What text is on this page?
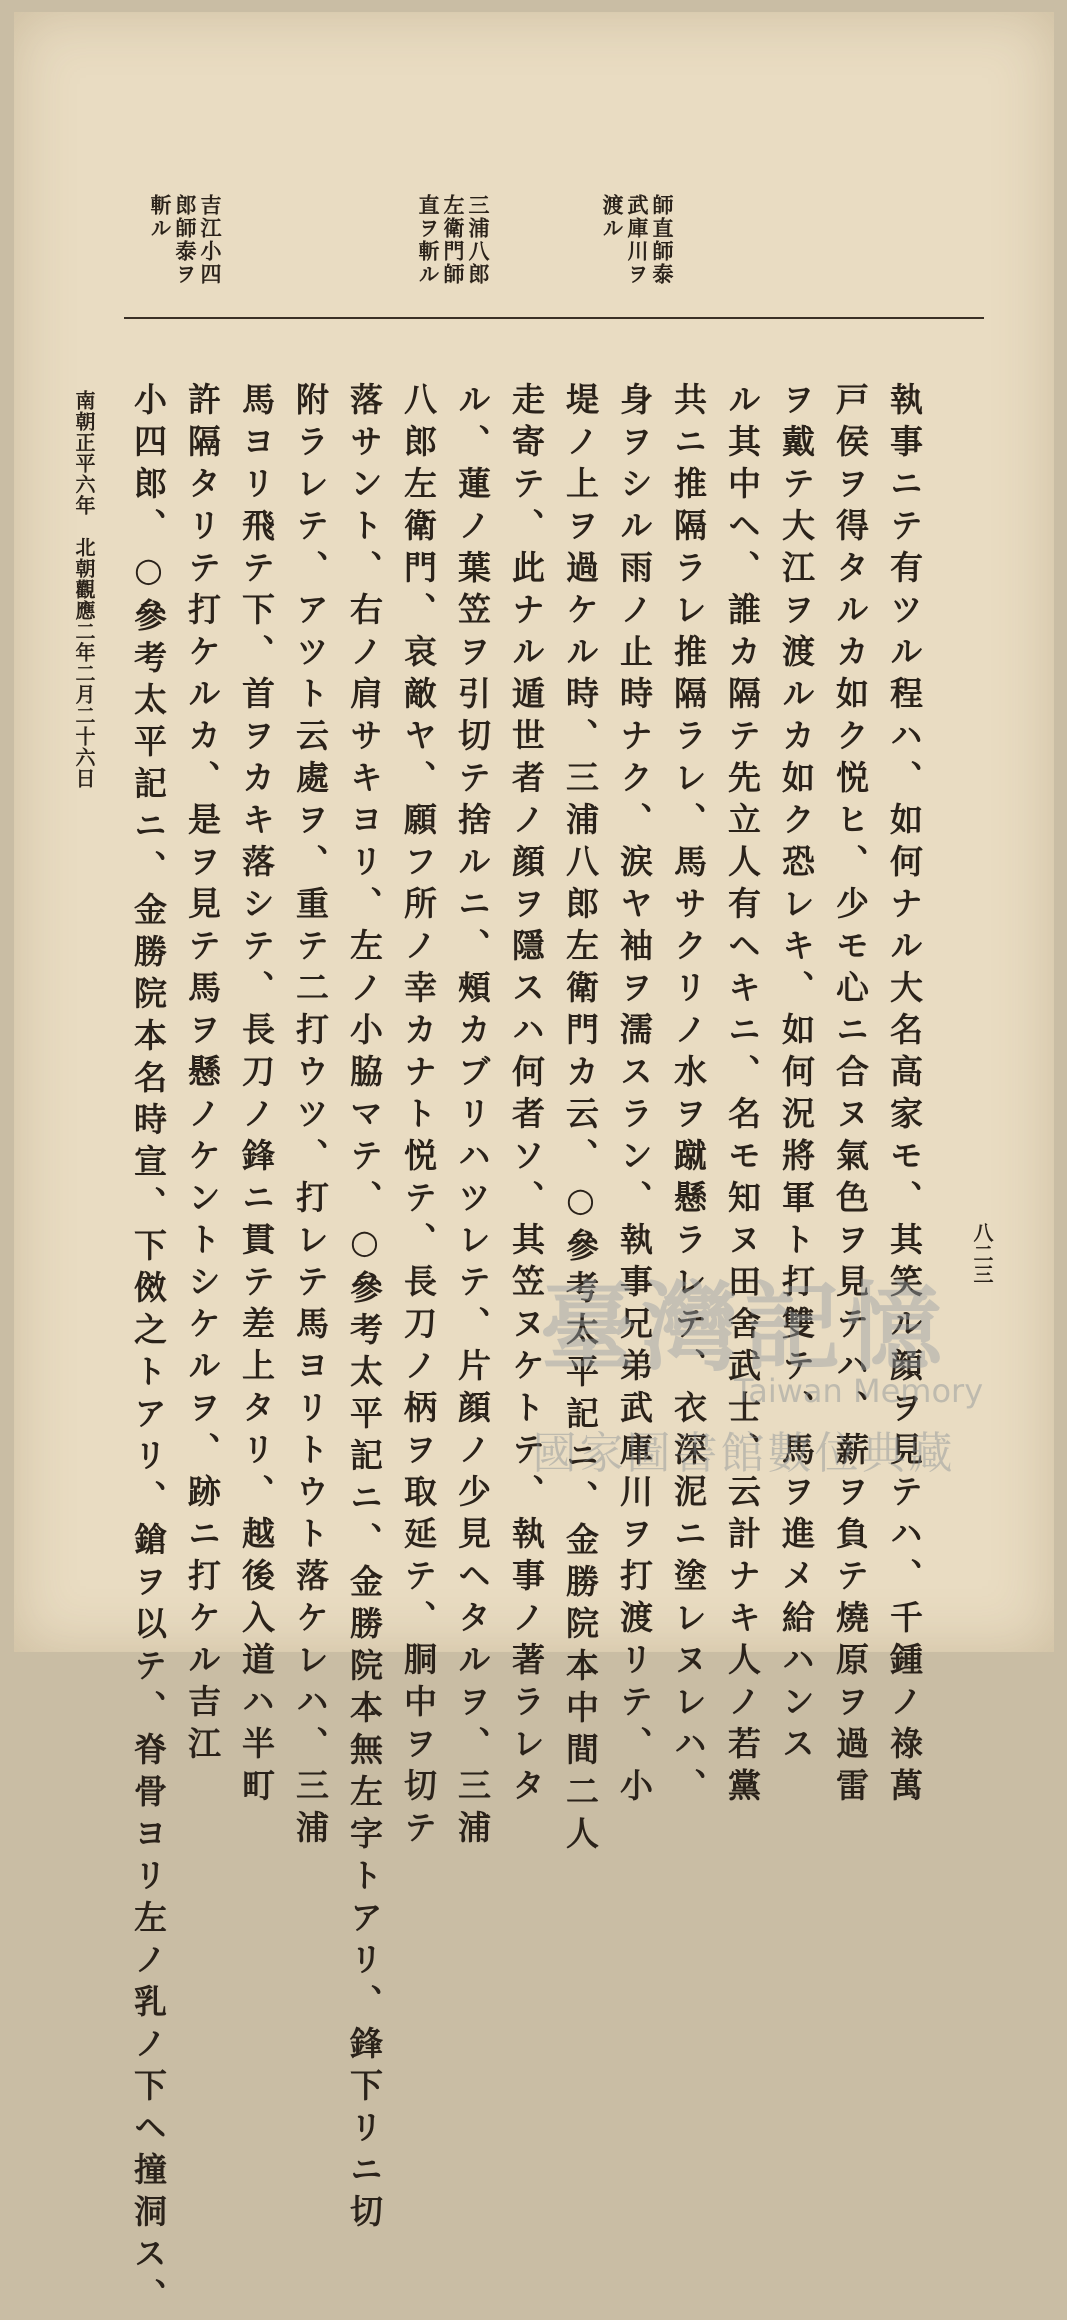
師直師泰
武庫川ヲ
渡ル
三浦八郎
左衛門師
直ヲ斬ル
吉江小四
郎師泰ヲ
斬ル
執事ニテ有ツル程ハ、如何ナル大名高家モ、其笑ル顔ヲ見テハ、千鍾ノ祿萬
戸侯ヲ得タルカ如ク悦ヒ、少モ心ニ合ヌ氣色ヲ見テハ、薪ヲ負テ燒原ヲ過雷
ヲ戴テ大江ヲ渡ルカ如ク恐レキ、如何況將軍ト打雙テ、馬ヲ進メ給ハンス
ル其中ヘ、誰カ隔テ先立人有ヘキニ、名モ知ヌ田舍武士、云計ナキ人ノ若黨
共ニ推隔ラレ推隔ラレ、馬サクリノ水ヲ蹴懸ラレテ、衣深泥ニ塗レヌレハ、
身ヲシル雨ノ止時ナク、涙ヤ袖ヲ濡スラン、執事兄弟武庫川ヲ打渡リテ、小
堤ノ上ヲ過ケル時、三浦八郎左衛門カ云、○參考太平記ニ、金勝院本中間二人
走寄テ、此ナル遁世者ノ顔ヲ隱スハ何者ソ、其笠ヌケトテ、執事ノ著ラレタ
ル、蓮ノ葉笠ヲ引切テ捨ルニ、頰カブリハツレテ、片顔ノ少見ヘタルヲ、三浦
八郎左衛門、哀敵ヤ、願フ所ノ幸カナト悦テ、長刀ノ柄ヲ取延テ、胴中ヲ切テ
落サント、右ノ肩サキヨリ、左ノ小脇マテ、○參考太平記ニ、金勝院本無左字トアリ、鋒下リニ切
附ラレテ、アツト云處ヲ、重テ二打ウツ、打レテ馬ヨリトウト落ケレハ、三浦
馬ヨリ飛テ下、首ヲカキ落シテ、長刀ノ鋒ニ貫テ差上タリ、越後入道ハ半町
許隔タリテ打ケルカ、是ヲ見テ馬ヲ懸ノケントシケルヲ、跡ニ打ケル吉江
小四郎、○參考太平記ニ、金勝院本名時宣、下傚之トアリ、鎗ヲ以テ、脊骨ヨリ左ノ乳ノ下ヘ撞洞ス、
南朝正平六年　北朝觀應二年二月二十六日
八二三
臺灣記憶
Taiwan Memory
國家圖書館數位典藏
